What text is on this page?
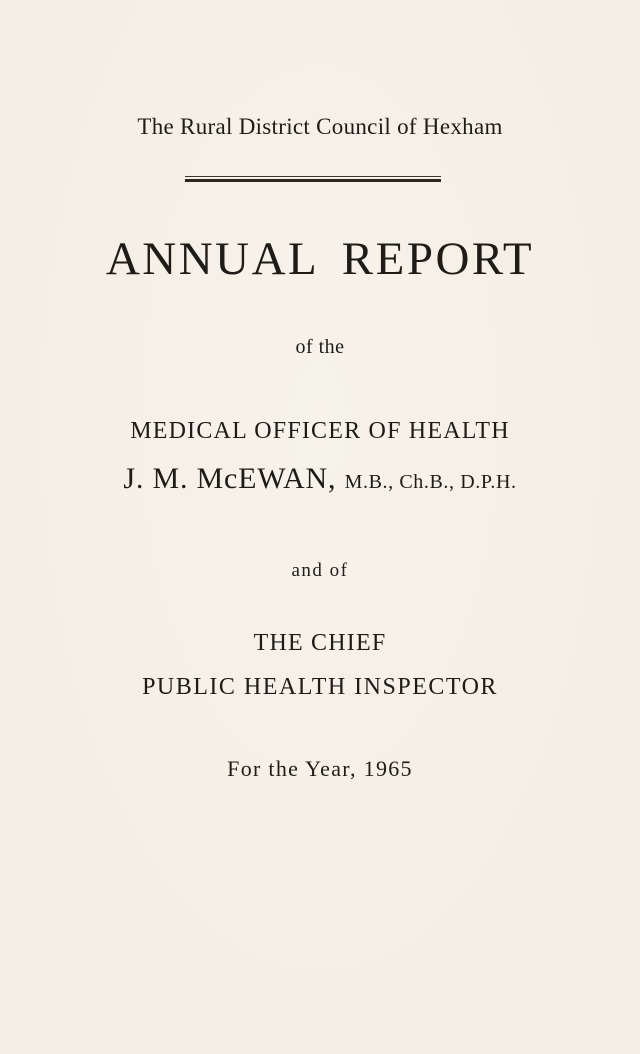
The Rural District Council of Hexham
ANNUAL REPORT
of the
MEDICAL OFFICER OF HEALTH
J. M. McEWAN, M.B., Ch.B., D.P.H.
and of
THE CHIEF
PUBLIC HEALTH INSPECTOR
For the Year, 1965
